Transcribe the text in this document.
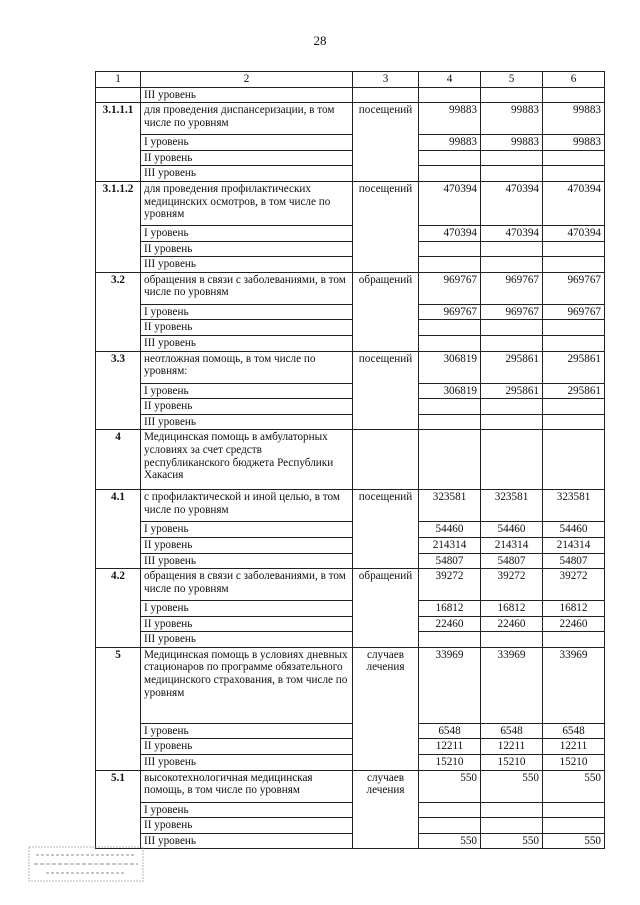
28
1	2	3	4	5	6
	III уровень				
3.1.1.1	для проведения диспансеризации, в том числе по уровням	посещений	99883	99883	99883
	I уровень		99883	99883	99883
	II уровень				
	III уровень				
3.1.1.2	для проведения профилактических медицинских осмотров, в том числе по уровням	посещений	470394	470394	470394
	I уровень		470394	470394	470394
	II уровень				
	III уровень				
3.2	обращения в связи с заболеваниями, в том числе по уровням	обращений	969767	969767	969767
	I уровень		969767	969767	969767
	II уровень				
	III уровень				
3.3	неотложная помощь, в том числе по уровням:	посещений	306819	295861	295861
	I уровень		306819	295861	295861
	II уровень				
	III уровень				
4	Медицинская помощь в амбулаторных условиях за счет средств республиканского бюджета Республики Хакасия				
4.1	с профилактической и иной целью, в том числе по уровням	посещений	323581	323581	323581
	I уровень		54460	54460	54460
	II уровень		214314	214314	214314
	III уровень		54807	54807	54807
4.2	обращения в связи с заболеваниями, в том числе по уровням	обращений	39272	39272	39272
	I уровень		16812	16812	16812
	II уровень		22460	22460	22460
	III уровень				
5	Медицинская помощь в условиях дневных стационаров по программе обязательного медицинского страхования, в том числе по уровням	случаев лечения	33969	33969	33969
	I уровень		6548	6548	6548
	II уровень		12211	12211	12211
	III уровень		15210	15210	15210
5.1	высокотехнологичная медицинская помощь, в том числе по уровням	случаев лечения	550	550	550
	I уровень				
	II уровень				
	III уровень		550	550	550
